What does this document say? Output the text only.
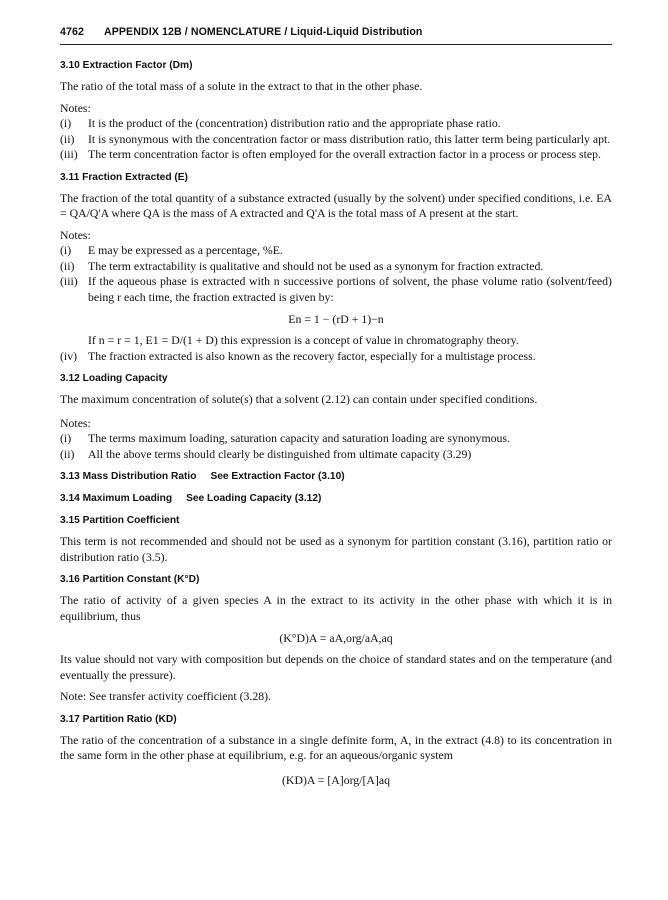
4762 APPENDIX 12B / NOMENCLATURE / Liquid-Liquid Distribution
3.10 Extraction Factor (Dm)

The ratio of the total mass of a solute in the extract to that in the other phase.

Notes:
(i)	It is the product of the (concentration) distribution ratio and the appropriate phase ratio.
(ii)	It is synonymous with the concentration factor or mass distribution ratio, this latter term being particularly apt.
(iii) The term concentration factor is often employed for the overall extraction factor in a process or process step.
3.11 Fraction Extracted (E)

The fraction of the total quantity of a substance extracted (usually by the solvent) under specified conditions, i.e. EA = QA/Q'A where QA is the mass of A extracted and Q'A is the total mass of A present at the start.

Notes:
(i)	E may be expressed as a percentage, %E.
(ii)	The term extractability is qualitative and should not be used as a synonym for fraction extracted.
(iii) If the aqueous phase is extracted with n successive portions of solvent, the phase volume ratio (solvent/feed) being r each time, the fraction extracted is given by:
En = 1 − (rD + 1)−n
If n = r = 1, E1 = D/(1 + D) this expression is a concept of value in chromatography theory.
(iv) The fraction extracted is also known as the recovery factor, especially for a multistage process.
3.12 Loading Capacity

The maximum concentration of solute(s) that a solvent (2.12) can contain under specified conditions.

Notes:
(i)	The terms maximum loading, saturation capacity and saturation loading are synonymous.
(ii)	All the above terms should clearly be distinguished from ultimate capacity (3.29)
3.13 Mass Distribution Ratio See Extraction Factor (3.10)
3.14 Maximum Loading See Loading Capacity (3.12)
3.15 Partition Coefficient

This term is not recommended and should not be used as a synonym for partition constant (3.16), partition ratio or distribution ratio (3.5).

3.16 Partition Constant (K°D)

The ratio of activity of a given species A in the extract to its activity in the other phase with which it is in equilibrium, thus

(K°D)A = aA,org/aA,aq

Its value should not vary with composition but depends on the choice of standard states and on the temperature (and eventually the pressure).

Note: See transfer activity coefficient (3.28).

3.17 Partition Ratio (KD)

The ratio of the concentration of a substance in a single definite form, A, in the extract (4.8) to its concentration in the same form in the other phase at equilibrium, e.g. for an aqueous/organic system

(KD)A = [A]org/[A]aq
